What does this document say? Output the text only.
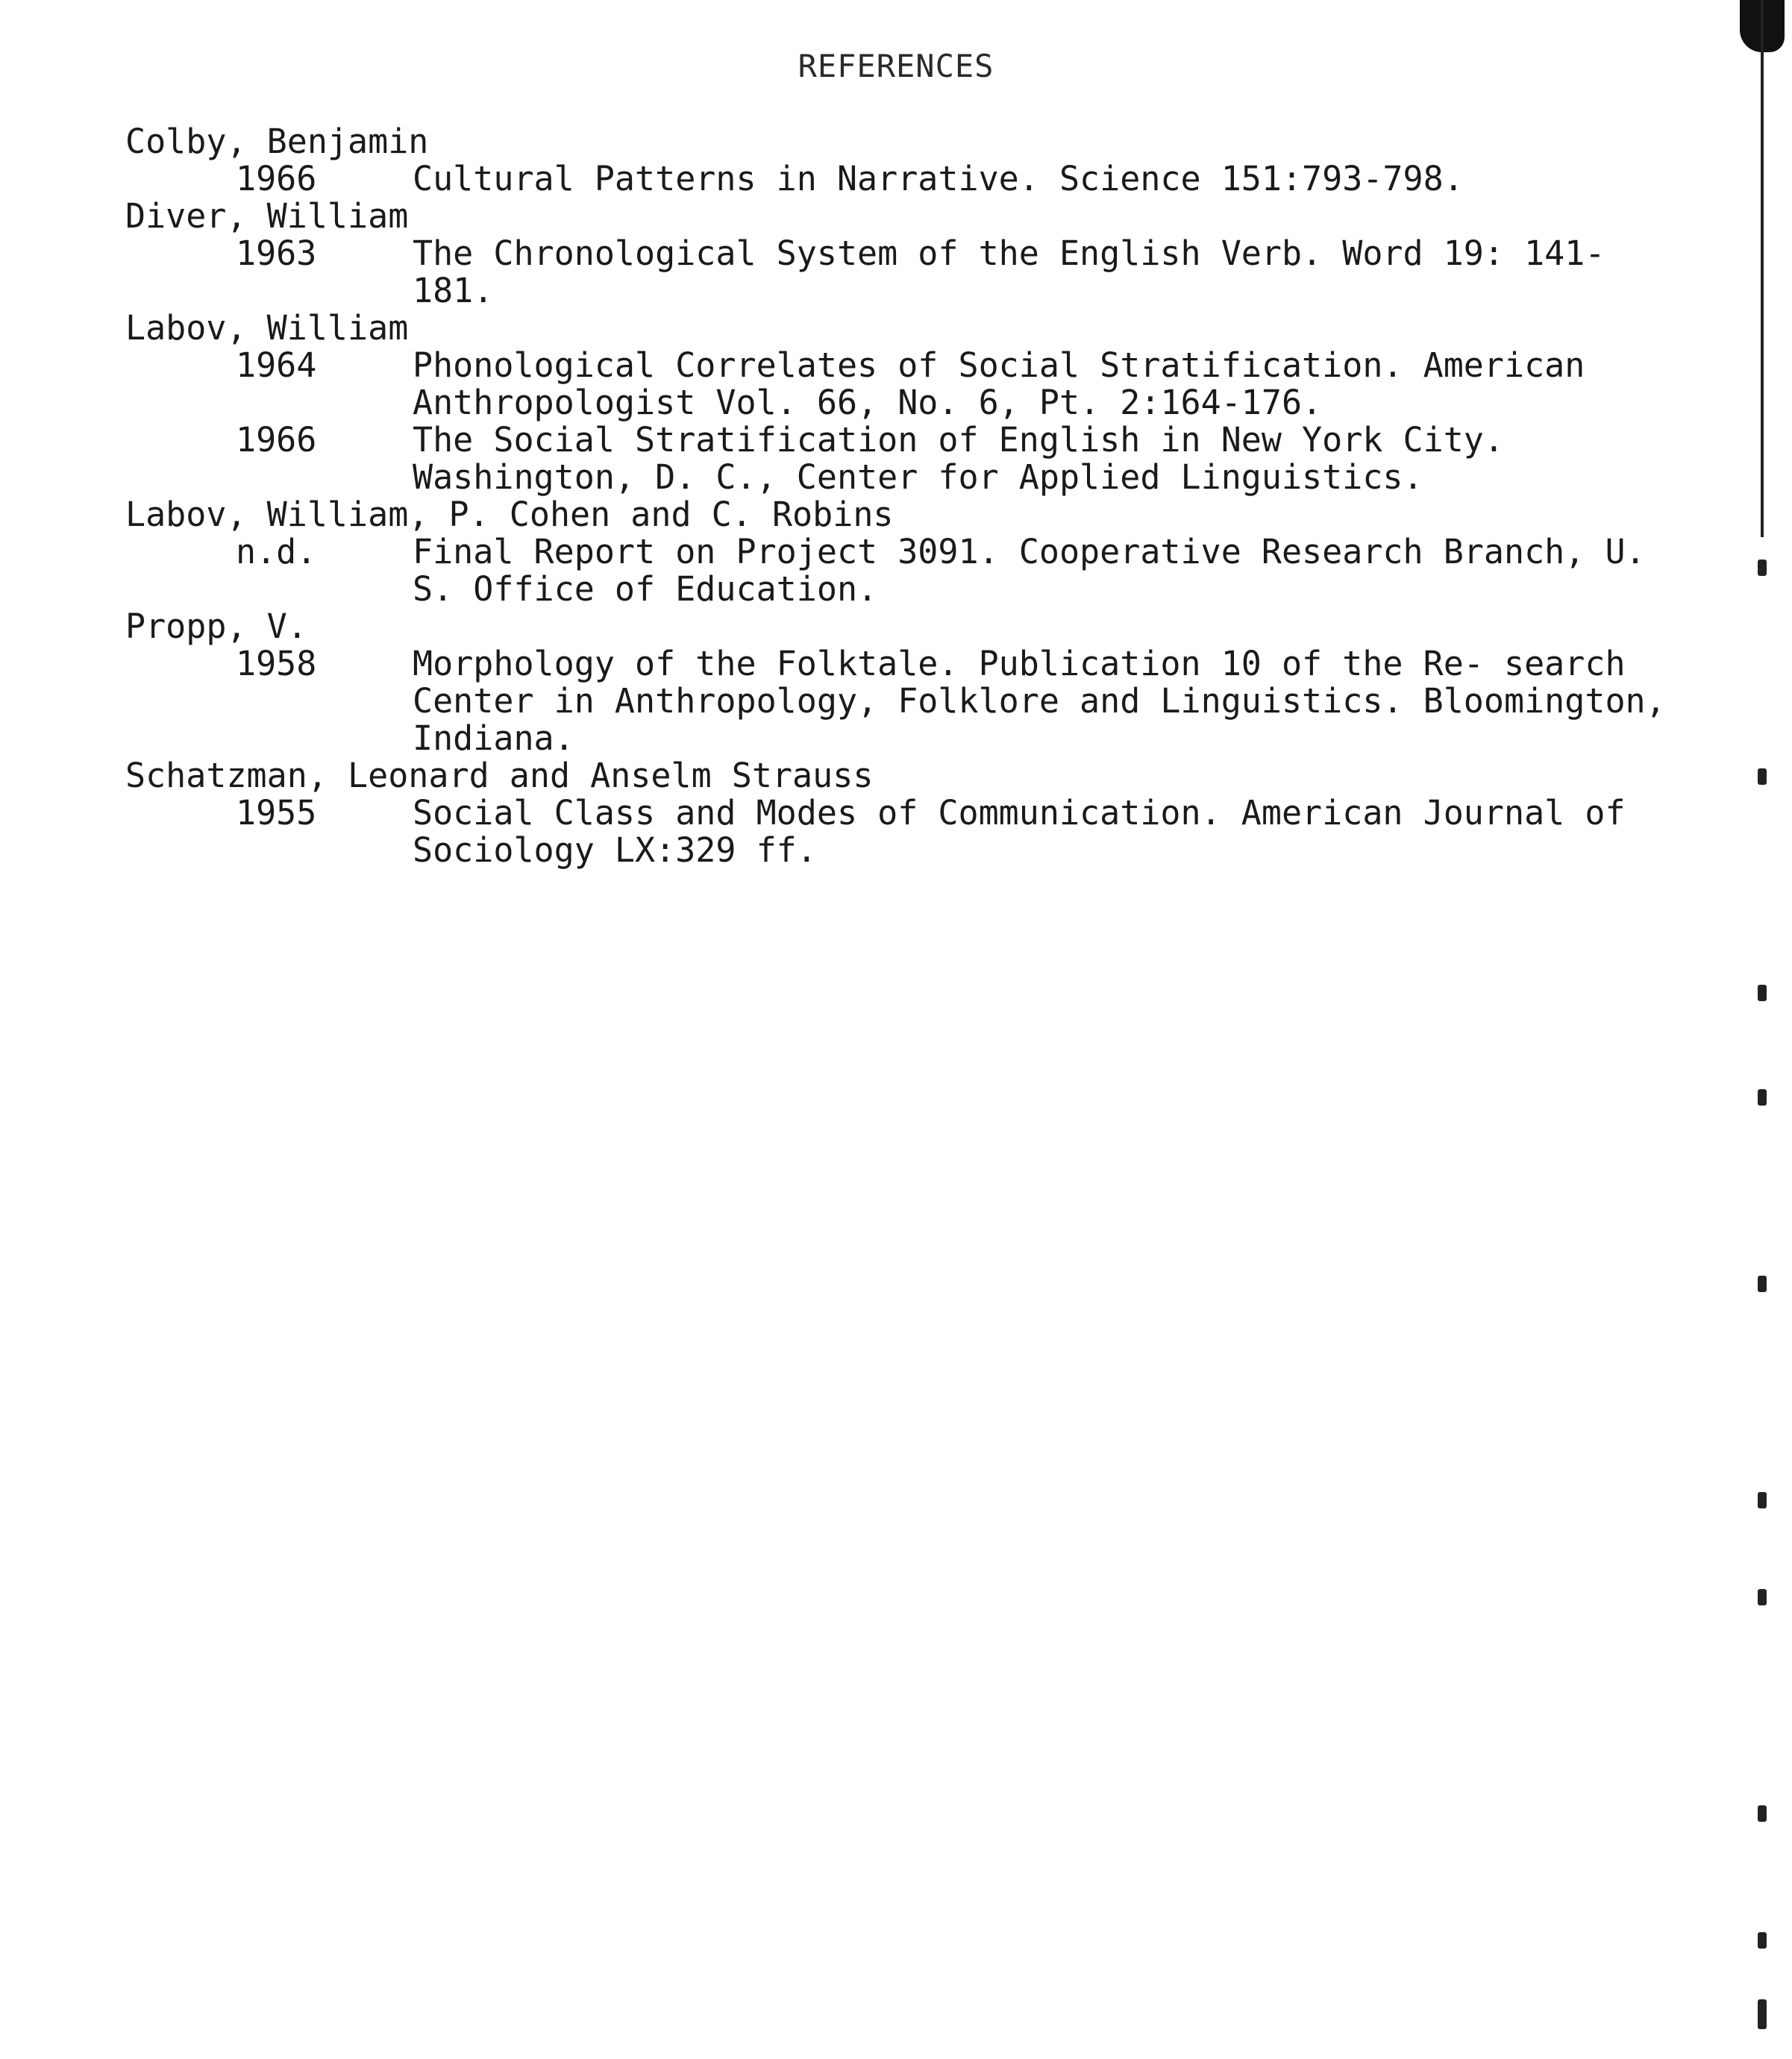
REFERENCES
Colby, Benjamin
1966	Cultural Patterns in Narrative. Science 151:793-798.
Diver, William
1963	The Chronological System of the English Verb. Word 19: 141-181.
Labov, William
1964	Phonological Correlates of Social Stratification. American Anthropologist Vol. 66, No. 6, Pt. 2:164-176.
1966	The Social Stratification of English in New York City. Washington, D. C., Center for Applied Linguistics.
Labov, William, P. Cohen and C. Robins
n.d.	Final Report on Project 3091. Cooperative Research Branch, U. S. Office of Education.
Propp, V.
1958	Morphology of the Folktale. Publication 10 of the Re- search Center in Anthropology, Folklore and Linguistics. Bloomington, Indiana.
Schatzman, Leonard and Anselm Strauss
1955	Social Class and Modes of Communication. American Journal of Sociology LX:329 ff.
